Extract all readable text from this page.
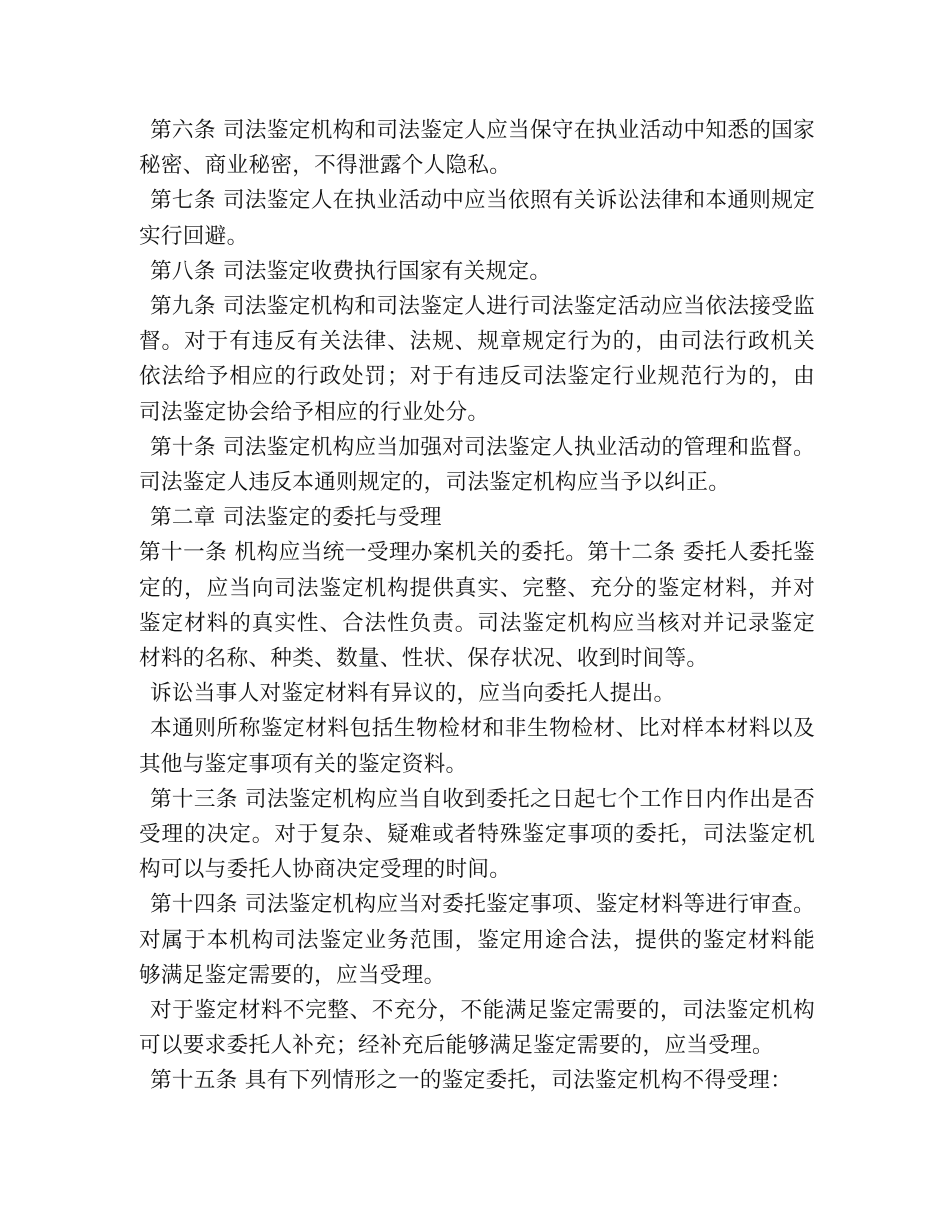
第六条 司法鉴定机构和司法鉴定人应当保守在执业活动中知悉的国家秘密、商业秘密，不得泄露个人隐私。

第七条 司法鉴定人在执业活动中应当依照有关诉讼法律和本通则规定实行回避。

第八条 司法鉴定收费执行国家有关规定。

第九条 司法鉴定机构和司法鉴定人进行司法鉴定活动应当依法接受监督。对于有违反有关法律、法规、规章规定行为的，由司法行政机关依法给予相应的行政处罚；对于有违反司法鉴定行业规范行为的，由司法鉴定协会给予相应的行业处分。

第十条 司法鉴定机构应当加强对司法鉴定人执业活动的管理和监督。司法鉴定人违反本通则规定的，司法鉴定机构应当予以纠正。

第二章 司法鉴定的委托与受理

第十一条 机构应当统一受理办案机关的委托。第十二条 委托人委托鉴定的，应当向司法鉴定机构提供真实、完整、充分的鉴定材料，并对鉴定材料的真实性、合法性负责。司法鉴定机构应当核对并记录鉴定材料的名称、种类、数量、性状、保存状况、收到时间等。

诉讼当事人对鉴定材料有异议的，应当向委托人提出。

本通则所称鉴定材料包括生物检材和非生物检材、比对样本材料以及其他与鉴定事项有关的鉴定资料。

第十三条 司法鉴定机构应当自收到委托之日起七个工作日内作出是否受理的决定。对于复杂、疑难或者特殊鉴定事项的委托，司法鉴定机构可以与委托人协商决定受理的时间。

第十四条 司法鉴定机构应当对委托鉴定事项、鉴定材料等进行审查。对属于本机构司法鉴定业务范围，鉴定用途合法，提供的鉴定材料能够满足鉴定需要的，应当受理。

对于鉴定材料不完整、不充分，不能满足鉴定需要的，司法鉴定机构可以要求委托人补充；经补充后能够满足鉴定需要的，应当受理。

第十五条 具有下列情形之一的鉴定委托，司法鉴定机构不得受理：
